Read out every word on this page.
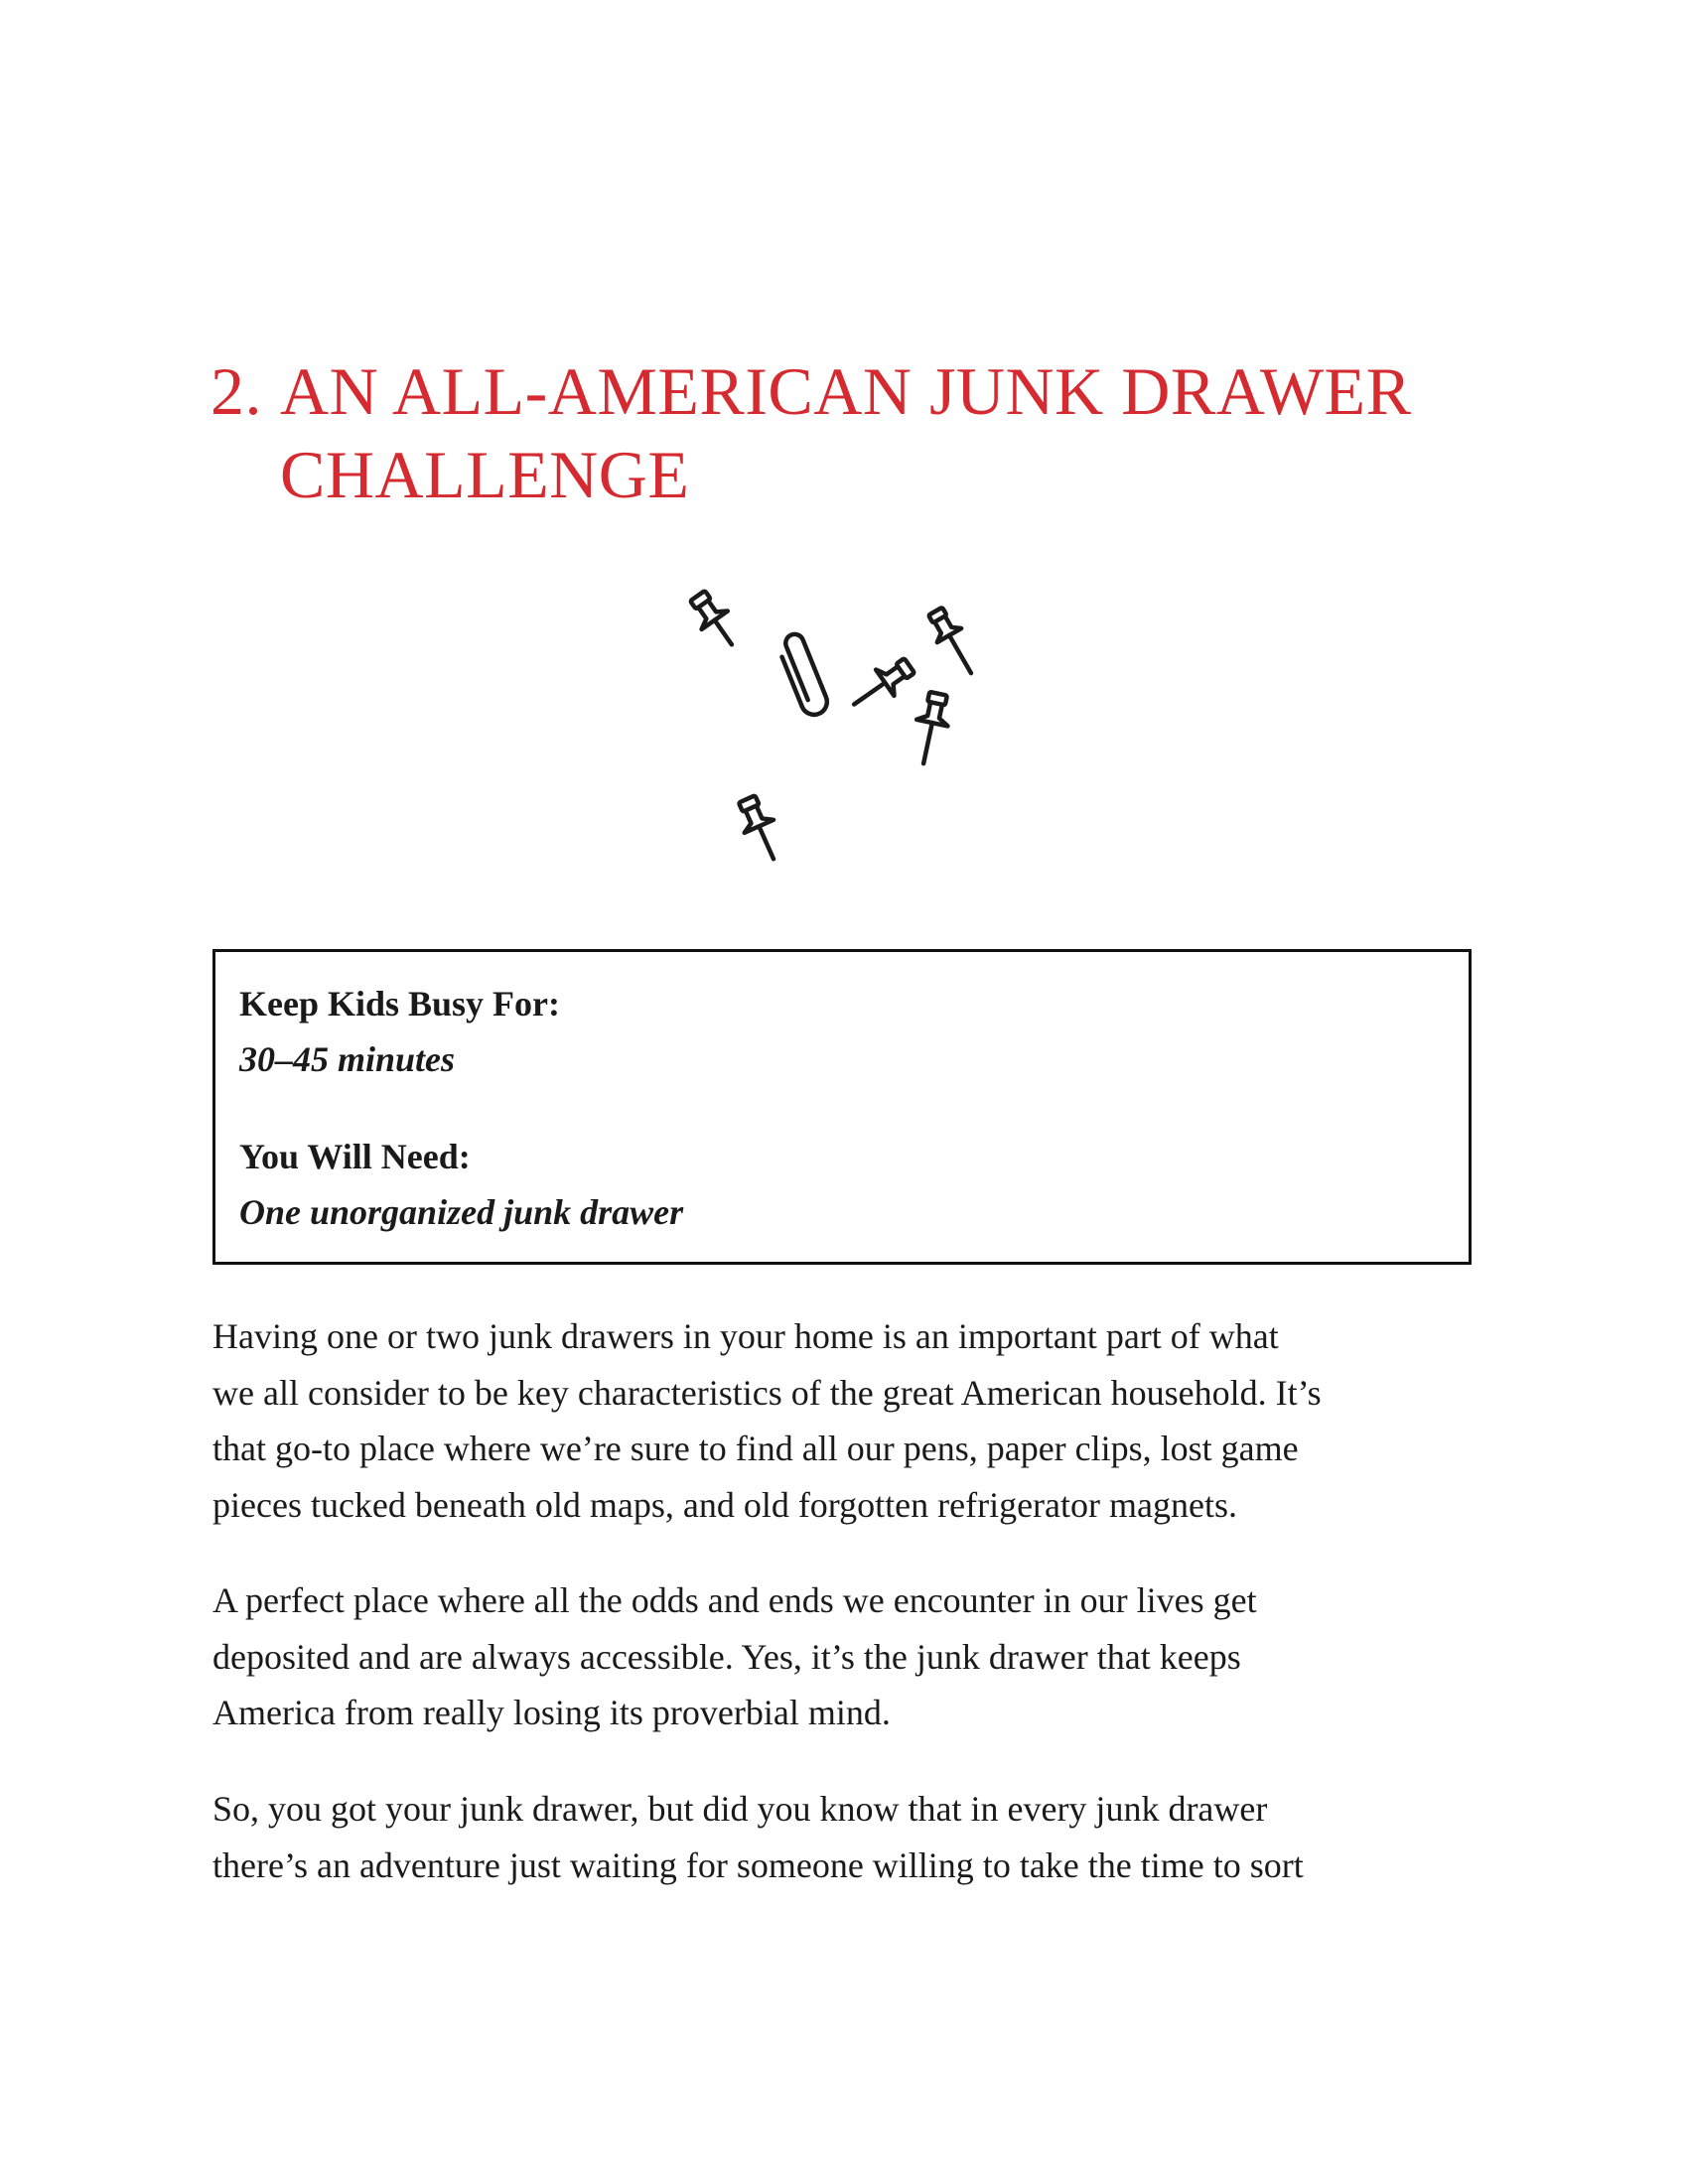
2. AN ALL-AMERICAN JUNK DRAWER
CHALLENGE

Keep Kids Busy For:

30–45 minutes

You Will Need:

One unorganized junk drawer

Having one or two junk drawers in your home is an important part of what
we all consider to be key characteristics of the great American household. It’s
that go-to place where we’re sure to find all our pens, paper clips, lost game
pieces tucked beneath old maps, and old forgotten refrigerator magnets.

A perfect place where all the odds and ends we encounter in our lives get
deposited and are always accessible. Yes, it’s the junk drawer that keeps
America from really losing its proverbial mind.

So, you got your junk drawer, but did you know that in every junk drawer
there’s an adventure just waiting for someone willing to take the time to sort
